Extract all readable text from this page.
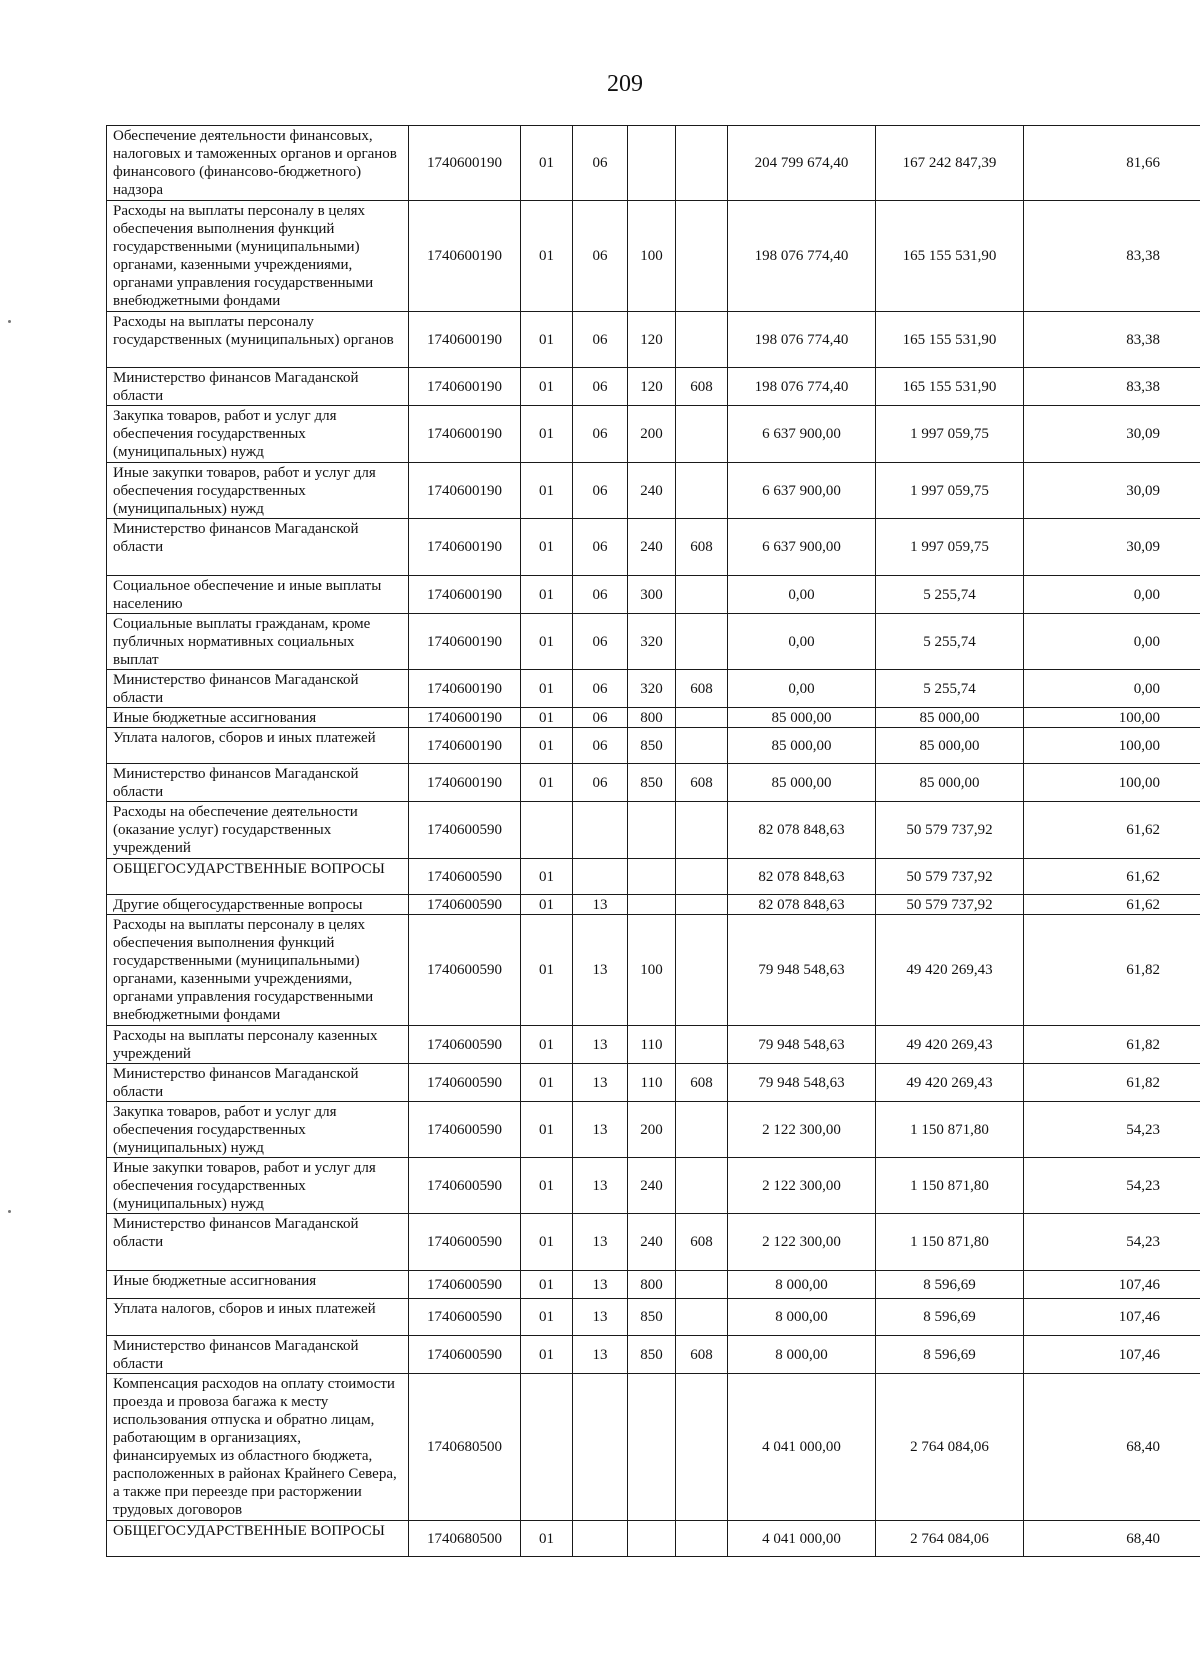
209
Обеспечение деятельности финансовых, налоговых и таможенных органов и органов финансового (финансово-бюджетного) надзора	1740600190	01	06			204 799 674,40	167 242 847,39	81,66
Расходы на выплаты персоналу в целях обеспечения выполнения функций государственными (муниципальными) органами, казенными учреждениями, органами управления государственными внебюджетными фондами	1740600190	01	06	100		198 076 774,40	165 155 531,90	83,38
Расходы на выплаты персоналу государственных (муниципальных) органов	1740600190	01	06	120		198 076 774,40	165 155 531,90	83,38
Министерство финансов Магаданской области	1740600190	01	06	120	608	198 076 774,40	165 155 531,90	83,38
Закупка товаров, работ и услуг для обеспечения государственных (муниципальных) нужд	1740600190	01	06	200		6 637 900,00	1 997 059,75	30,09
Иные закупки товаров, работ и услуг для обеспечения государственных (муниципальных) нужд	1740600190	01	06	240		6 637 900,00	1 997 059,75	30,09
Министерство финансов Магаданской области	1740600190	01	06	240	608	6 637 900,00	1 997 059,75	30,09
Социальное обеспечение и иные выплаты населению	1740600190	01	06	300		0,00	5 255,74	0,00
Социальные выплаты гражданам, кроме публичных нормативных социальных выплат	1740600190	01	06	320		0,00	5 255,74	0,00
Министерство финансов Магаданской области	1740600190	01	06	320	608	0,00	5 255,74	0,00
Иные бюджетные ассигнования	1740600190	01	06	800		85 000,00	85 000,00	100,00
Уплата налогов, сборов и иных платежей	1740600190	01	06	850		85 000,00	85 000,00	100,00
Министерство финансов Магаданской области	1740600190	01	06	850	608	85 000,00	85 000,00	100,00
Расходы на обеспечение деятельности (оказание услуг) государственных учреждений	1740600590					82 078 848,63	50 579 737,92	61,62
ОБЩЕГОСУДАРСТВЕННЫЕ ВОПРОСЫ	1740600590	01				82 078 848,63	50 579 737,92	61,62
Другие общегосударственные вопросы	1740600590	01	13			82 078 848,63	50 579 737,92	61,62
Расходы на выплаты персоналу в целях обеспечения выполнения функций государственными (муниципальными) органами, казенными учреждениями, органами управления государственными внебюджетными фондами	1740600590	01	13	100		79 948 548,63	49 420 269,43	61,82
Расходы на выплаты персоналу казенных учреждений	1740600590	01	13	110		79 948 548,63	49 420 269,43	61,82
Министерство финансов Магаданской области	1740600590	01	13	110	608	79 948 548,63	49 420 269,43	61,82
Закупка товаров, работ и услуг для обеспечения государственных (муниципальных) нужд	1740600590	01	13	200		2 122 300,00	1 150 871,80	54,23
Иные закупки товаров, работ и услуг для обеспечения государственных (муниципальных) нужд	1740600590	01	13	240		2 122 300,00	1 150 871,80	54,23
Министерство финансов Магаданской области	1740600590	01	13	240	608	2 122 300,00	1 150 871,80	54,23
Иные бюджетные ассигнования	1740600590	01	13	800		8 000,00	8 596,69	107,46
Уплата налогов, сборов и иных платежей	1740600590	01	13	850		8 000,00	8 596,69	107,46
Министерство финансов Магаданской области	1740600590	01	13	850	608	8 000,00	8 596,69	107,46
Компенсация расходов на оплату стоимости проезда и провоза багажа к месту использования отпуска и обратно лицам, работающим в организациях, финансируемых из областного бюджета, расположенных в районах Крайнего Севера, а также при переезде при расторжении трудовых договоров	1740680500					4 041 000,00	2 764 084,06	68,40
ОБЩЕГОСУДАРСТВЕННЫЕ ВОПРОСЫ	1740680500	01				4 041 000,00	2 764 084,06	68,40
